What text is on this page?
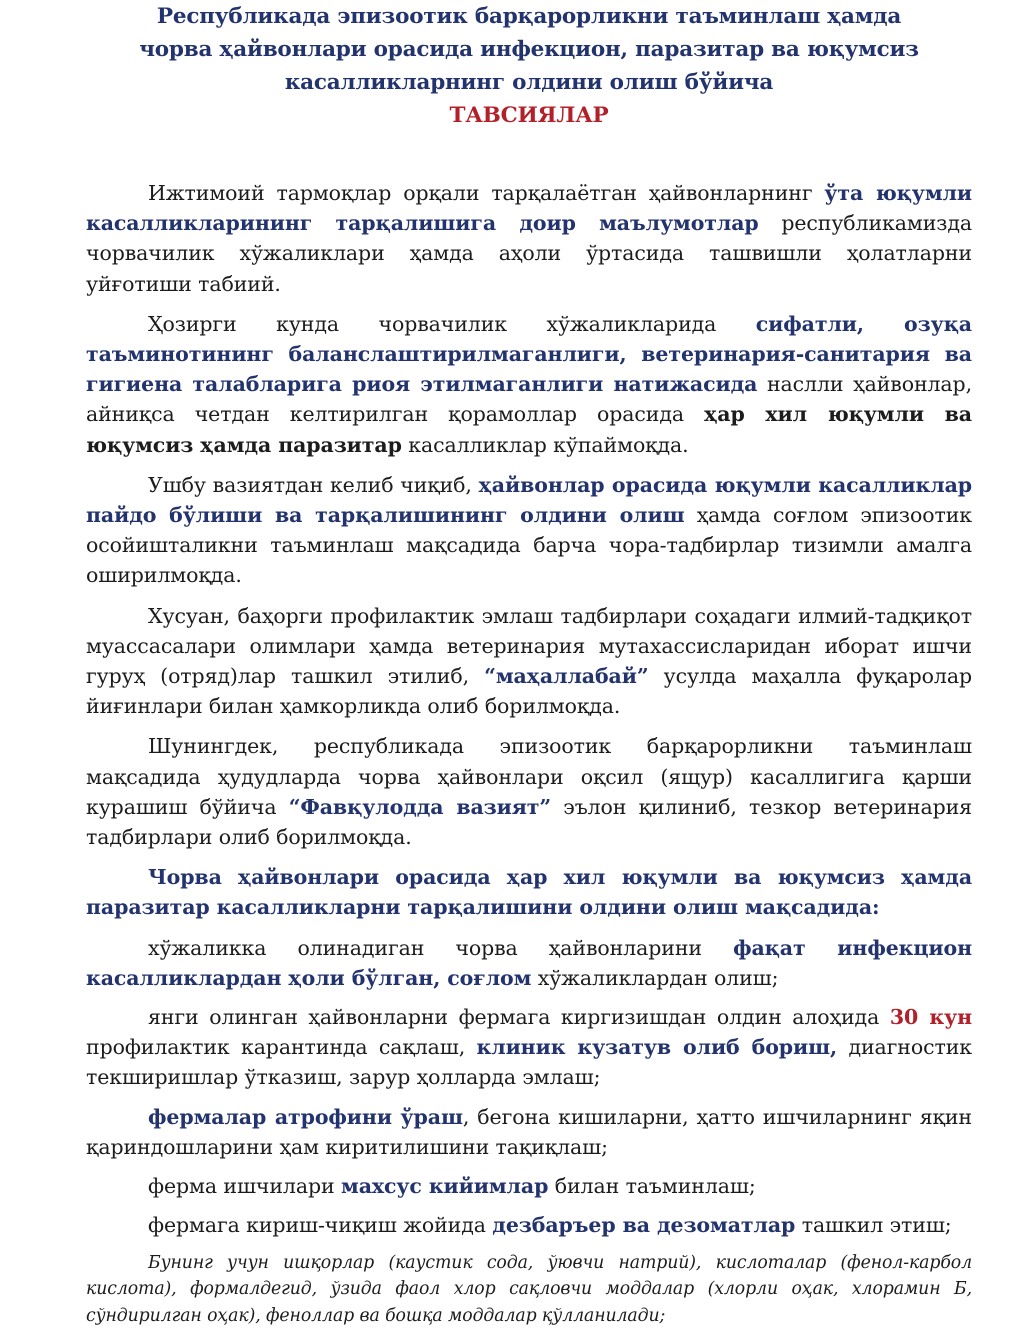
Республикада эпизоотик барқарорликни таъминлаш ҳамда
чорва ҳайвонлари орасида инфекцион, паразитар ва юқумсиз
касалликларнинг олдини олиш бўйича
ТАВСИЯЛАР

Ижтимоий тармоқлар орқали тарқалаётган ҳайвонларнинг ўта юқумли касалликларининг тарқалишига доир маълумотлар республикамизда чорвачилик хўжаликлари ҳамда аҳоли ўртасида ташвишли ҳолатларни уйғотиши табиий.

Ҳозирги кунда чорвачилик хўжаликларида сифатли, озуқа таъминотининг баланслаштирилмаганлиги, ветеринария-санитария ва гигиена талабларига риоя этилмаганлиги натижасида наслли ҳайвонлар, айниқса четдан келтирилган қорамоллар орасида ҳар хил юқумли ва юқумсиз ҳамда паразитар касалликлар кўпаймоқда.

Ушбу вазиятдан келиб чиқиб, ҳайвонлар орасида юқумли касалликлар пайдо бўлиши ва тарқалишининг олдини олиш ҳамда соғлом эпизоотик осойишталикни таъминлаш мақсадида барча чора-тадбирлар тизимли амалга оширилмоқда.

Хусуан, баҳорги профилактик эмлаш тадбирлари соҳадаги илмий-тадқиқот муассасалари олимлари ҳамда ветеринария мутахассисларидан иборат ишчи гуруҳ (отряд)лар ташкил этилиб, “маҳаллабай” усулда маҳалла фуқаролар йиғинлари билан ҳамкорликда олиб борилмоқда.

Шунингдек, республикада эпизоотик барқарорликни таъминлаш мақсадида ҳудудларда чорва ҳайвонлари оқсил (ящур) касаллигига қарши курашиш бўйича “Фавқулодда вазият” эълон қилиниб, тезкор ветеринария тадбирлари олиб борилмоқда.

Чорва ҳайвонлари орасида ҳар хил юқумли ва юқумсиз ҳамда паразитар касалликларни тарқалишини олдини олиш мақсадида:

хўжаликка олинадиган чорва ҳайвонларини фақат инфекцион касалликлардан ҳоли бўлган, соғлом хўжаликлардан олиш;

янги олинган ҳайвонларни фермага киргизишдан олдин алоҳида 30 кун профилактик карантинда сақлаш, клиник кузатув олиб бориш, диагностик текширишлар ўтказиш, зарур ҳолларда эмлаш;

фермалар атрофини ўраш, бегона кишиларни, ҳатто ишчиларнинг яқин қариндошларини ҳам киритилишини тақиқлаш;

ферма ишчилари махсус кийимлар билан таъминлаш;

фермага кириш-чиқиш жойида дезбаръер ва дезоматлар ташкил этиш;

Бунинг учун ишқорлар (каустик сода, ўювчи натрий), кислоталар (фенол-карбол кислота), формалдегид, ўзида фаол хлор сақловчи моддалар (хлорли оҳак, хлорамин Б, сўндирилган оҳак), феноллар ва бошқа моддалар қўлланилади;
